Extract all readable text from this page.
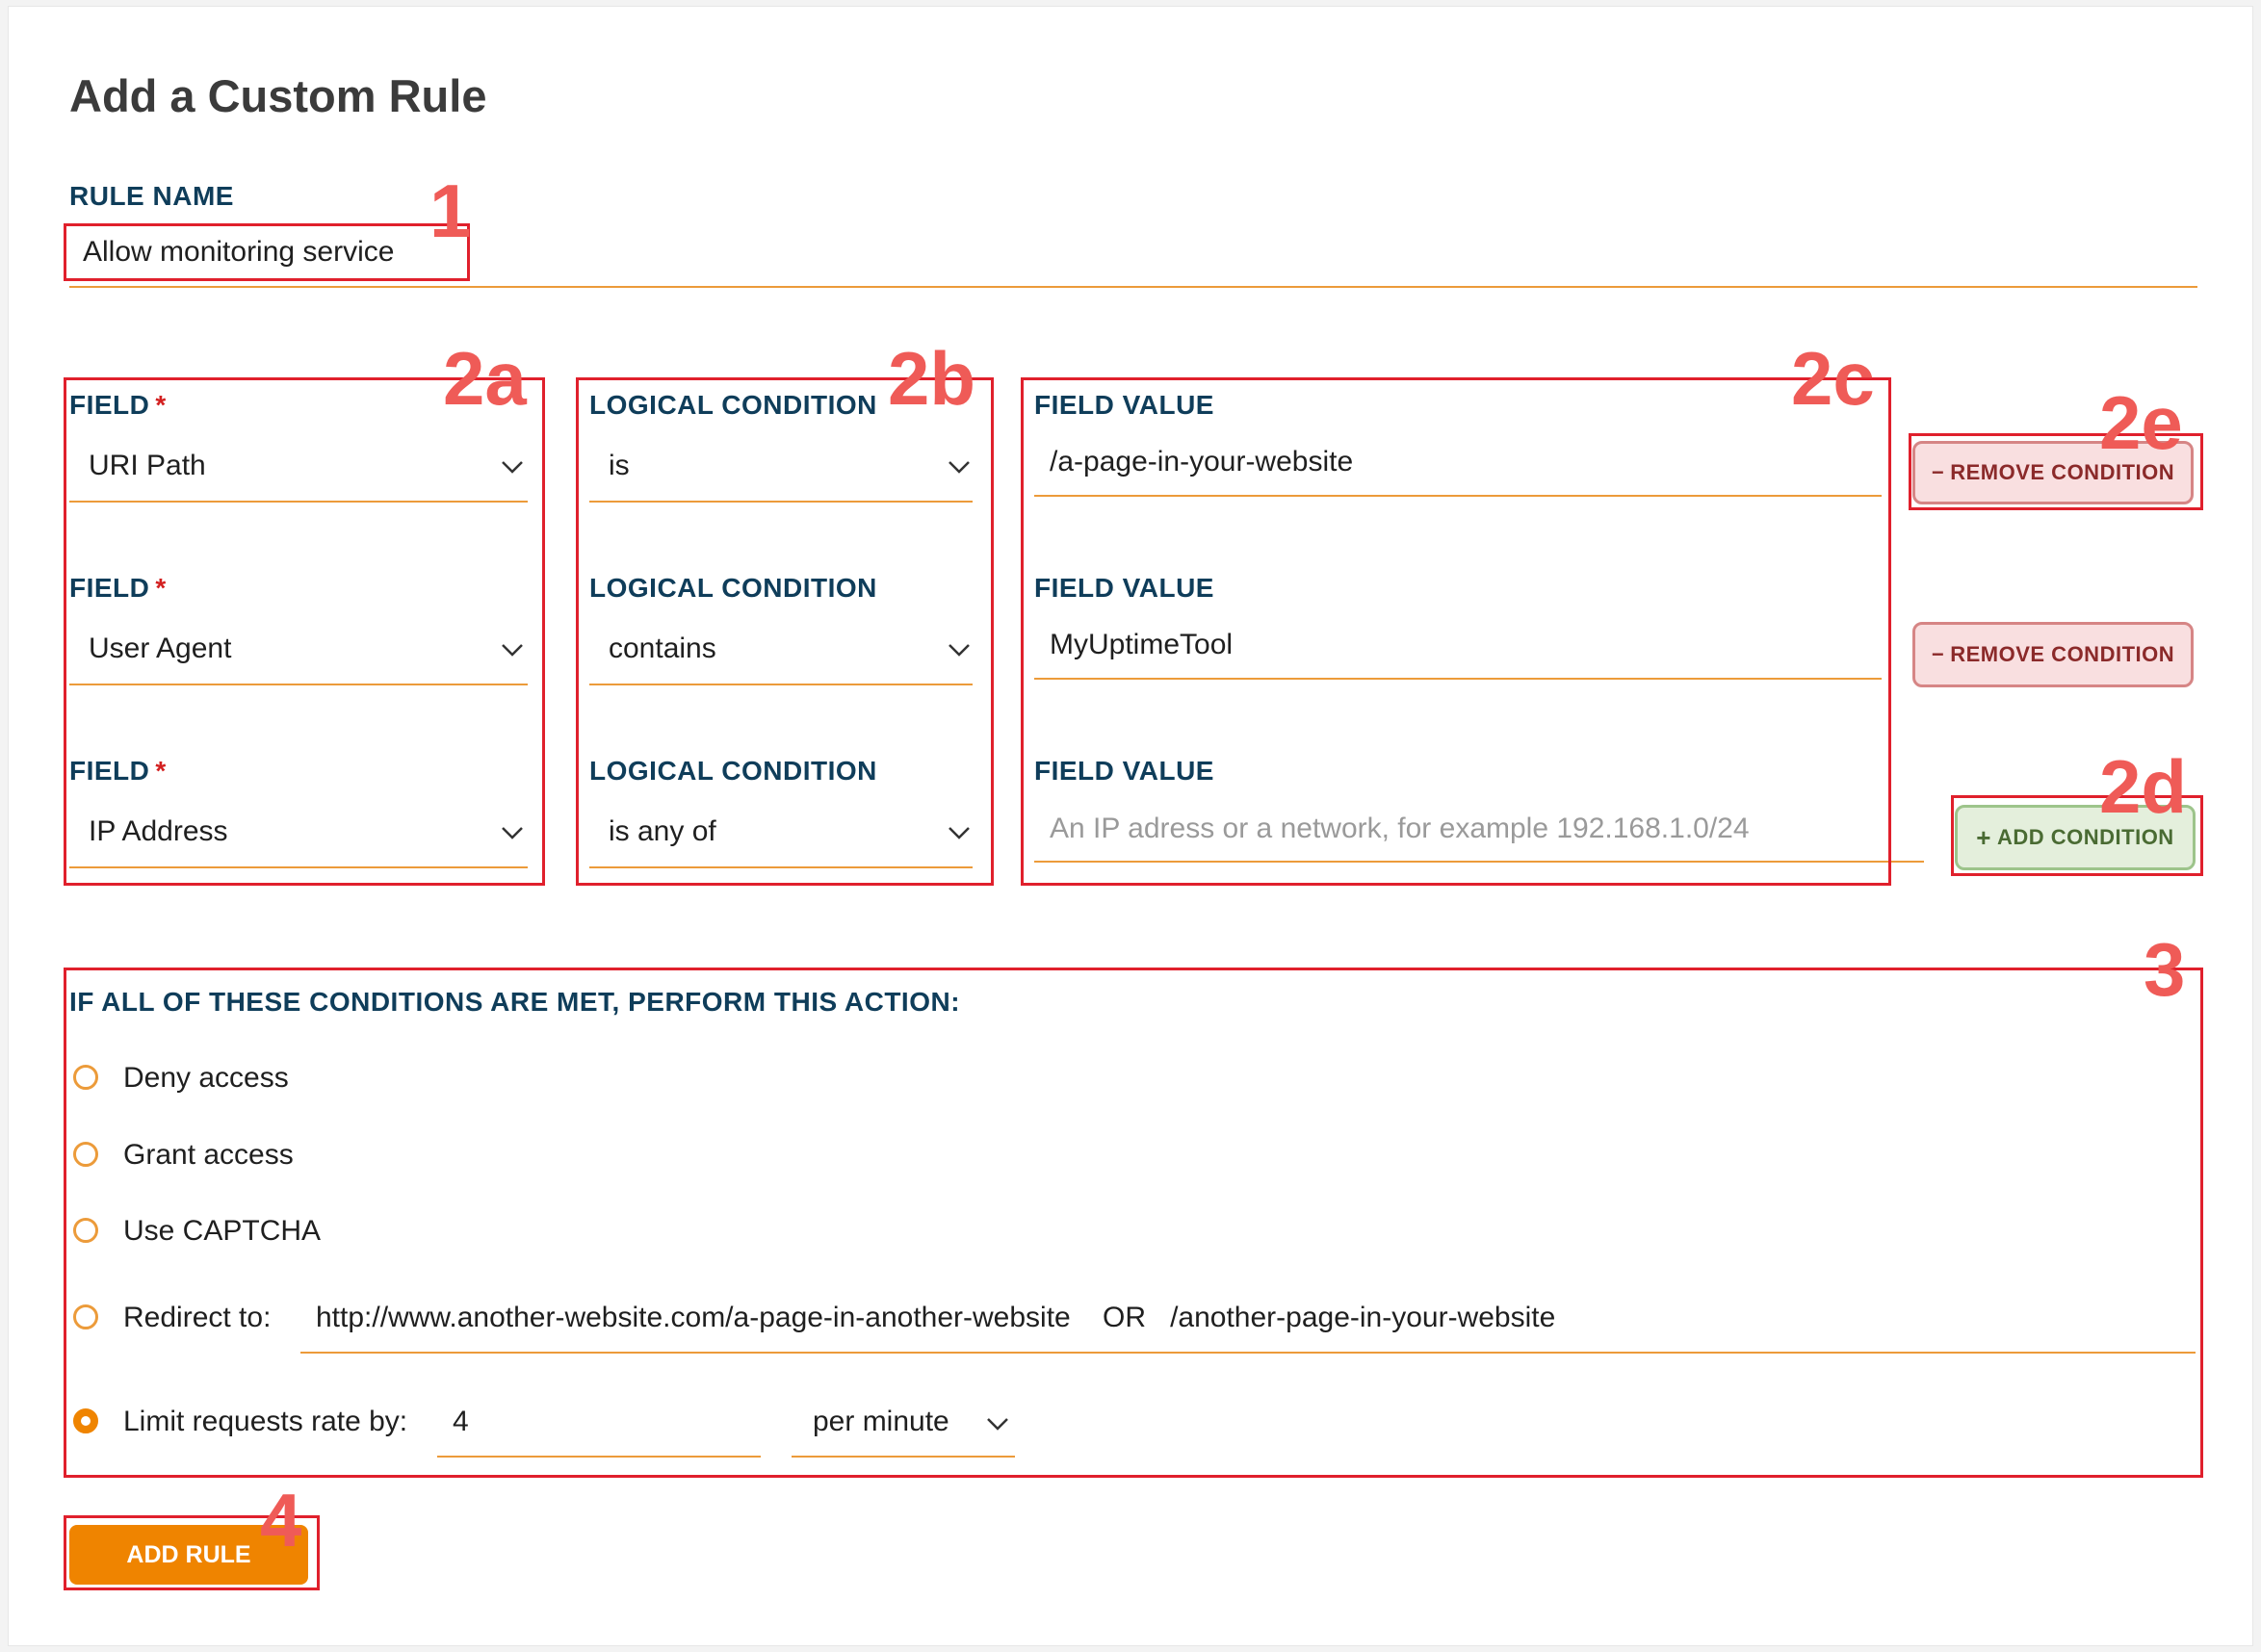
Add a Custom Rule
RULE NAME
Allow monitoring service
FIELD *
URI Path
LOGICAL CONDITION
is
FIELD VALUE
/a-page-in-your-website	− REMOVE CONDITION
FIELD *
User Agent
LOGICAL CONDITION
contains
FIELD VALUE
MyUptimeTool	− REMOVE CONDITION
FIELD *
IP Address
LOGICAL CONDITION
is any of
FIELD VALUE
An IP adress or a network, for example 192.168.1.0/24	+ ADD CONDITION
IF ALL OF THESE CONDITIONS ARE MET, PERFORM THIS ACTION:
Deny access
Grant access
Use CAPTCHA
Redirect to: http://www.another-website.com/a-page-in-another-website    OR   /another-page-in-your-website
Limit requests rate by: 4	per minute
ADD RULE
1
2a	2b	2c
2d
2e
3
4
